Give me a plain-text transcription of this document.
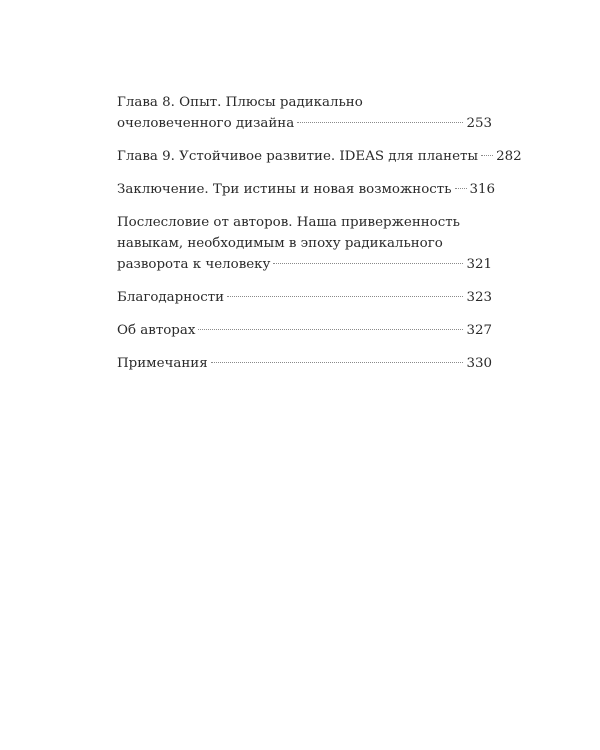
Глава 8. Опыт. Плюсы радикально
очеловеченного дизайна	253
Глава 9. Устойчивое развитие. IDEAS для планеты 282
Заключение. Три истины и новая возможность 316
Послесловие от авторов. Наша приверженность
навыкам, необходимым в эпоху радикального
разворота к человеку	321
Благодарности	323
Об авторах	327
Примечания	330
